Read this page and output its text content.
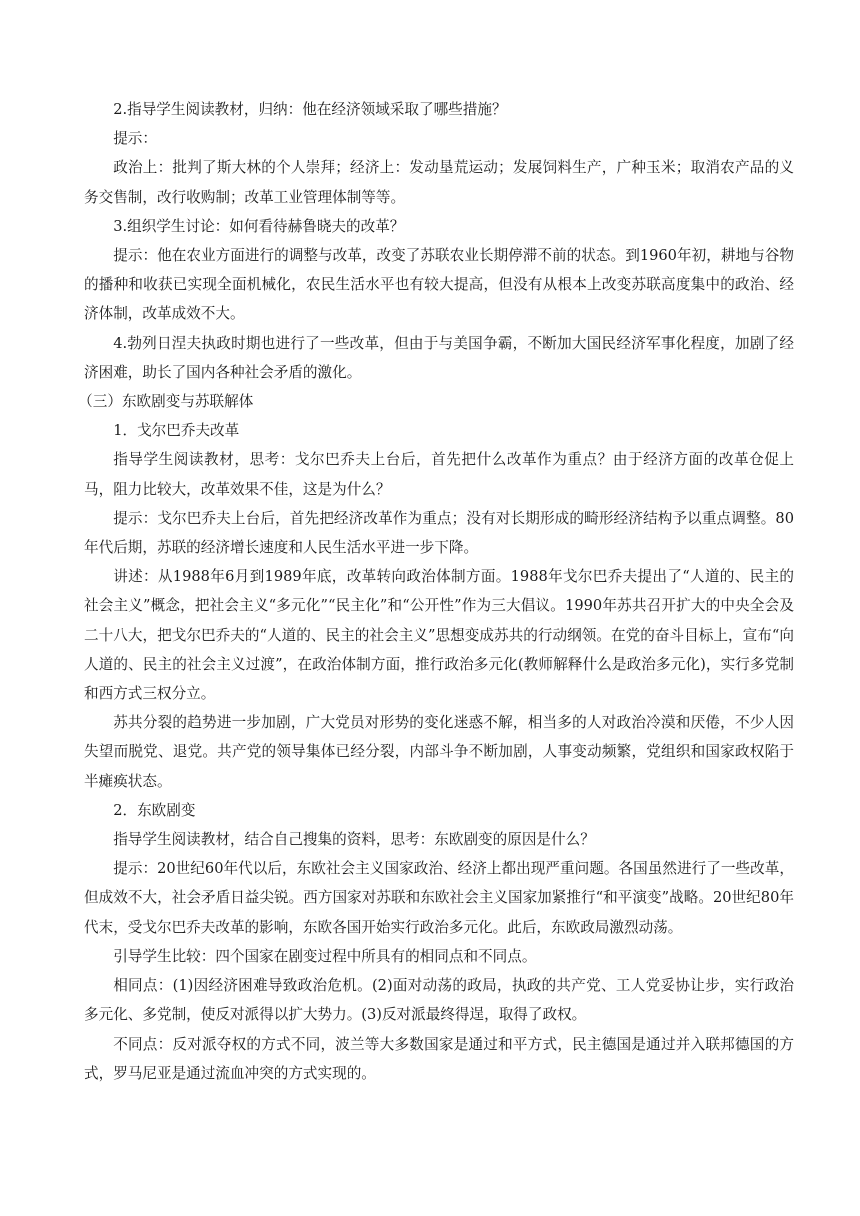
2.指导学生阅读教材，归纳：他在经济领域采取了哪些措施？

提示：

政治上：批判了斯大林的个人崇拜；经济上：发动垦荒运动；发展饲料生产，广种玉米；取消农产品的义务交售制，改行收购制；改革工业管理体制等等。

3.组织学生讨论：如何看待赫鲁晓夫的改革？

提示：他在农业方面进行的调整与改革，改变了苏联农业长期停滞不前的状态。到1960年初，耕地与谷物的播种和收获已实现全面机械化，农民生活水平也有较大提高，但没有从根本上改变苏联高度集中的政治、经济体制，改革成效不大。

4.勃列日涅夫执政时期也进行了一些改革，但由于与美国争霸，不断加大国民经济军事化程度，加剧了经济困难，助长了国内各种社会矛盾的激化。

（三）东欧剧变与苏联解体

1．戈尔巴乔夫改革

指导学生阅读教材，思考：戈尔巴乔夫上台后，首先把什么改革作为重点？由于经济方面的改革仓促上马，阻力比较大，改革效果不佳，这是为什么？

提示：戈尔巴乔夫上台后，首先把经济改革作为重点；没有对长期形成的畸形经济结构予以重点调整。80年代后期，苏联的经济增长速度和人民生活水平进一步下降。

讲述：从1988年6月到1989年底，改革转向政治体制方面。1988年戈尔巴乔夫提出了“人道的、民主的社会主义”概念，把社会主义“多元化”“民主化”和“公开性”作为三大倡议。1990年苏共召开扩大的中央全会及二十八大，把戈尔巴乔夫的“人道的、民主的社会主义”思想变成苏共的行动纲领。在党的奋斗目标上，宣布“向人道的、民主的社会主义过渡”，在政治体制方面，推行政治多元化(教师解释什么是政治多元化)，实行多党制和西方式三权分立。

苏共分裂的趋势进一步加剧，广大党员对形势的变化迷惑不解，相当多的人对政治冷漠和厌倦，不少人因失望而脱党、退党。共产党的领导集体已经分裂，内部斗争不断加剧，人事变动频繁，党组织和国家政权陷于半瘫痪状态。

2．东欧剧变

指导学生阅读教材，结合自己搜集的资料，思考：东欧剧变的原因是什么？

提示：20世纪60年代以后，东欧社会主义国家政治、经济上都出现严重问题。各国虽然进行了一些改革，但成效不大，社会矛盾日益尖锐。西方国家对苏联和东欧社会主义国家加紧推行“和平演变”战略。20世纪80年代末，受戈尔巴乔夫改革的影响，东欧各国开始实行政治多元化。此后，东欧政局激烈动荡。

引导学生比较：四个国家在剧变过程中所具有的相同点和不同点。

相同点：(1)因经济困难导致政治危机。(2)面对动荡的政局，执政的共产党、工人党妥协让步，实行政治多元化、多党制，使反对派得以扩大势力。(3)反对派最终得逞，取得了政权。

不同点：反对派夺权的方式不同，波兰等大多数国家是通过和平方式，民主德国是通过并入联邦德国的方式，罗马尼亚是通过流血冲突的方式实现的。
